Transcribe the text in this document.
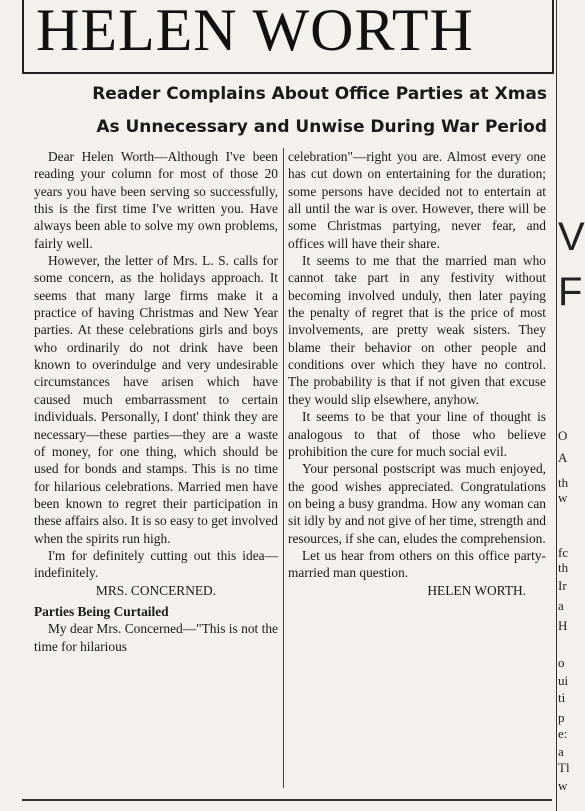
HELEN WORTH
Reader Complains About Office Parties at Xmas
As Unnecessary and Unwise During War Period

Dear Helen Worth—Although I've been reading your column for most of those 20 years you have been serving so successfully, this is the first time I've written you. Have always been able to solve my own problems, fairly well.

However, the letter of Mrs. L. S. calls for some concern, as the holidays approach. It seems that many large firms make it a practice of having Christmas and New Year parties. At these celebrations girls and boys who ordinarily do not drink have been known to overindulge and very undesirable circumstances have arisen which have caused much embarrassment to certain individuals. Personally, I dont' think they are necessary—these parties—they are a waste of money, for one thing, which should be used for bonds and stamps. This is no time for hilarious celebrations. Married men have been known to regret their participation in these affairs also. It is so easy to get involved when the spirits run high.

I'm for definitely cutting out this idea—indefinitely.

MRS. CONCERNED.

Parties Being Curtailed

My dear Mrs. Concerned—"This is not the time for hilarious

celebration"—right you are. Almost every one has cut down on entertaining for the duration; some persons have decided not to entertain at all until the war is over. However, there will be some Christmas partying, never fear, and offices will have their share.

It seems to me that the married man who cannot take part in any festivity without becoming involved unduly, then later paying the penalty of regret that is the price of most involvements, are pretty weak sisters. They blame their behavior on other people and conditions over which they have no control. The probability is that if not given that excuse they would slip elsewhere, anyhow.

It seems to be that your line of thought is analogous to that of those who believe prohibition the cure for much social evil.

Your personal postscript was much enjoyed, the good wishes appreciated. Congratulations on being a busy grandma. How any woman can sit idly by and not give of her time, strength and resources, if she can, eludes the comprehension.

Let us hear from others on this office party-married man question.

HELEN WORTH.

V
F
O
A
th
w
fc
th
Ir
a
H
o
ui
ti
p
e:
a
Tl
w
